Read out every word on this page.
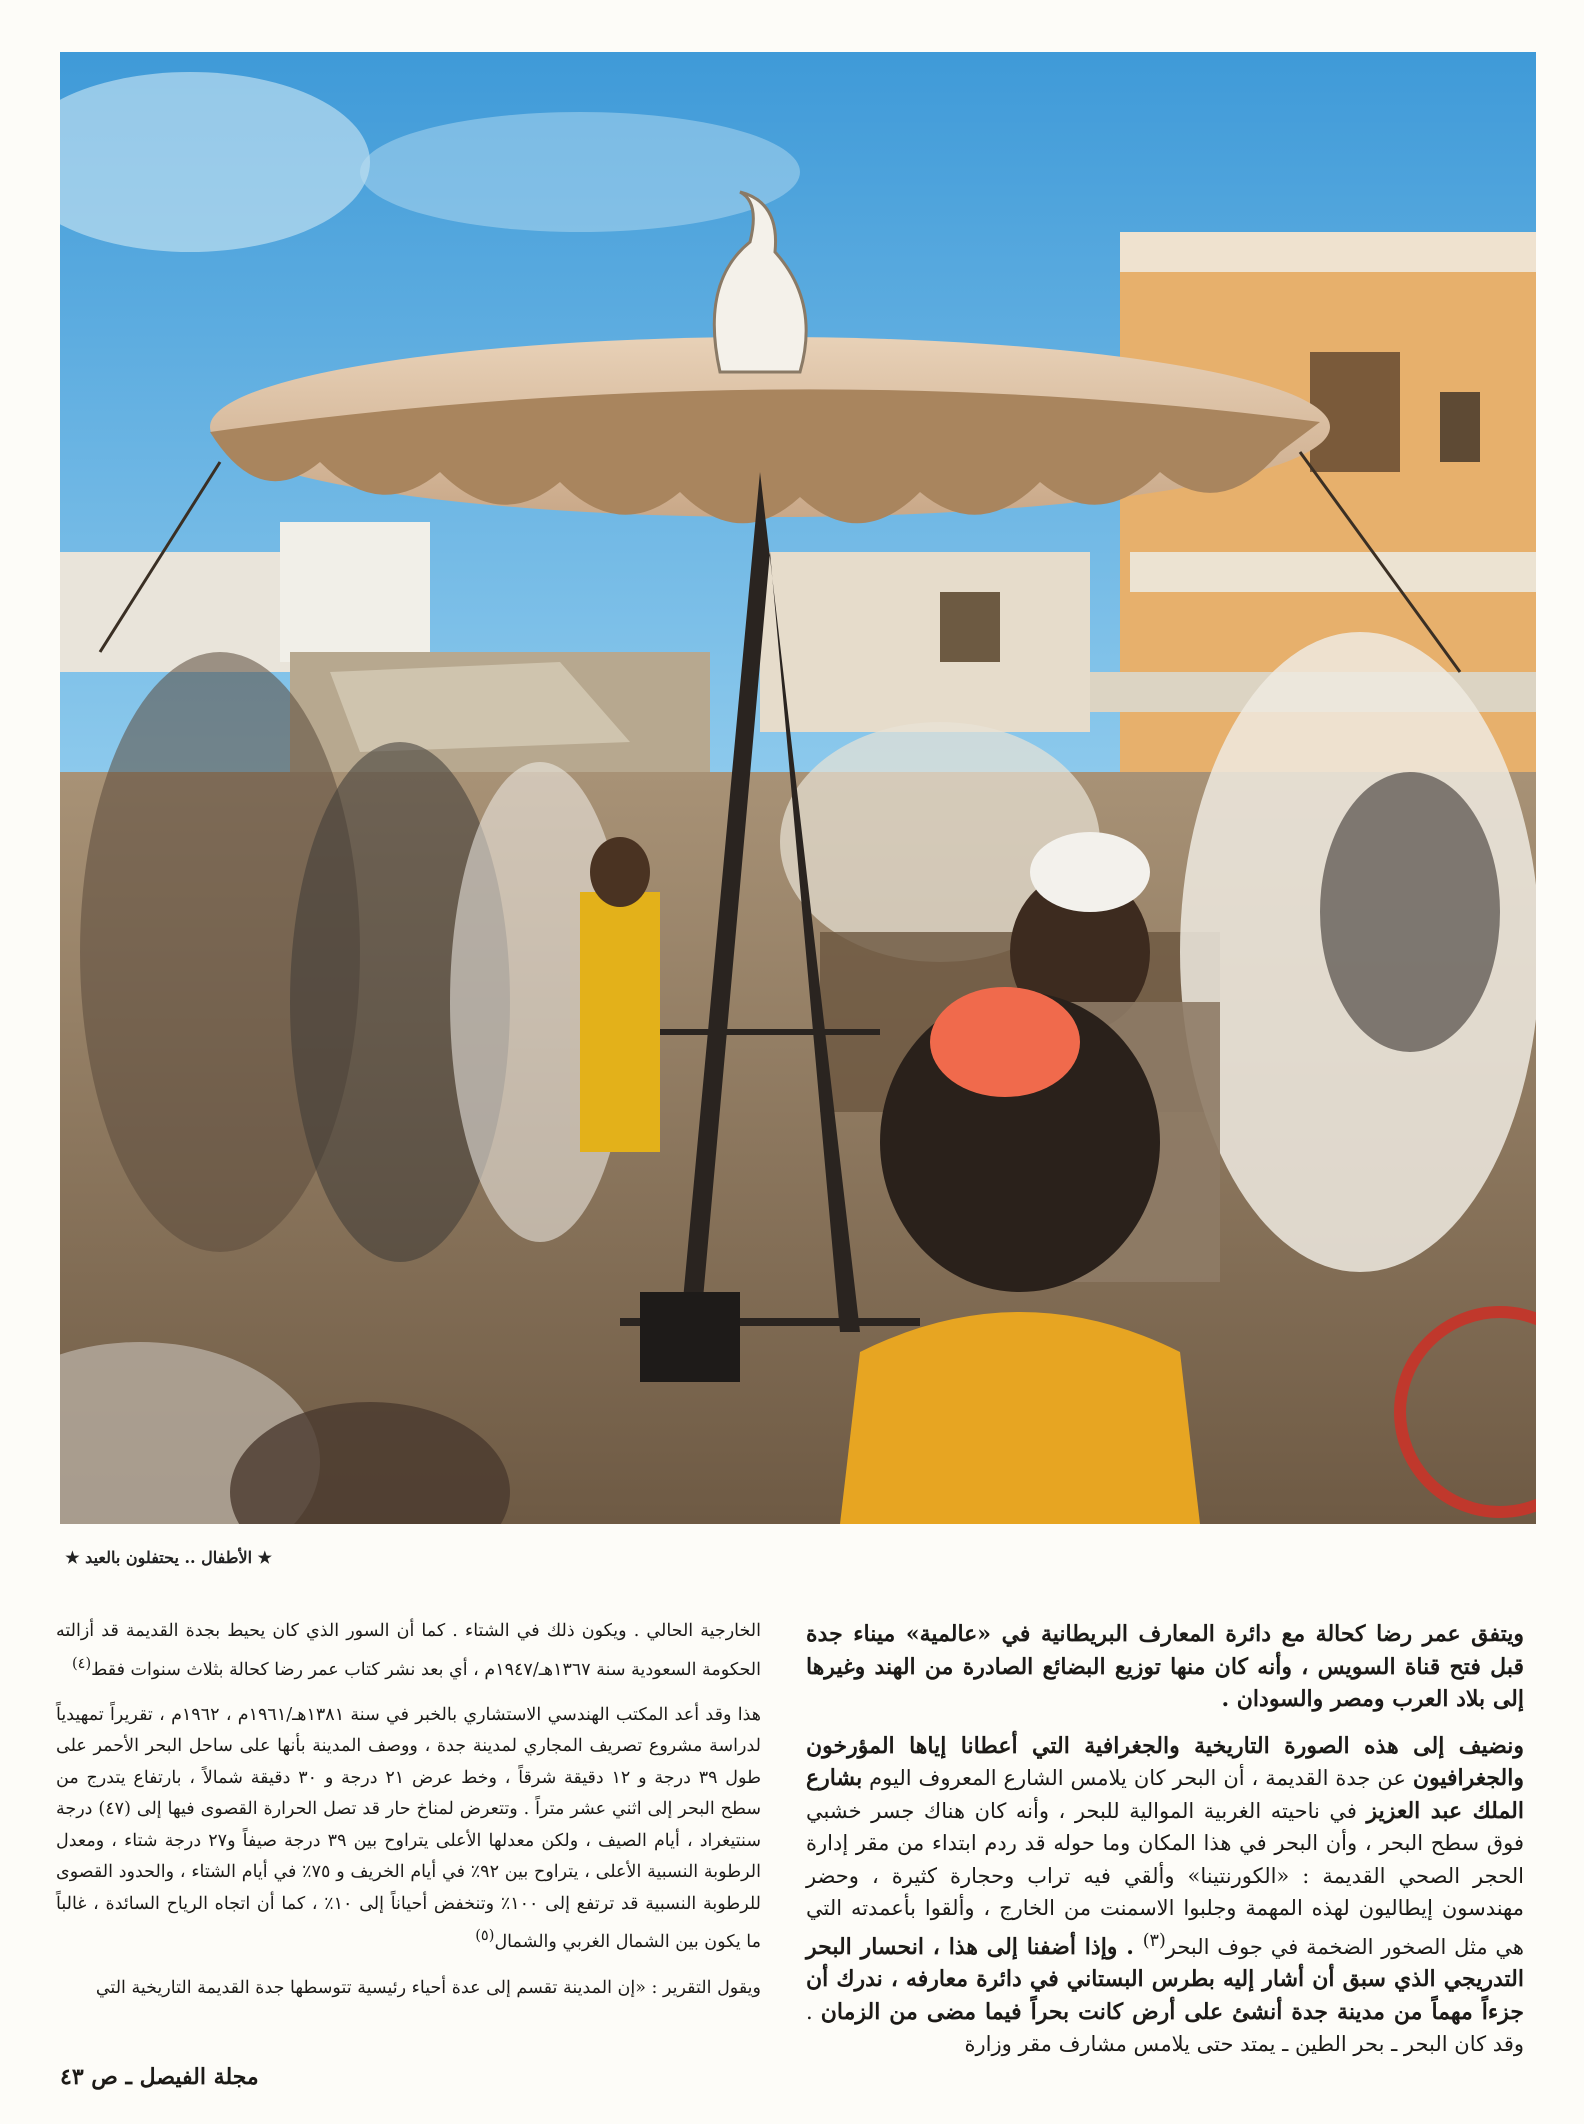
★ الأطفال .. يحتفلون بالعيد ★

ويتفق عمر رضا كحالة مع دائرة المعارف البريطانية في «عالمية» ميناء جدة قبل فتح قناة السويس ، وأنه كان منها توزيع البضائع الصادرة من الهند وغيرها إلى بلاد العرب ومصر والسودان .

ونضيف إلى هذه الصورة التاريخية والجغرافية التي أعطانا إياها المؤرخون والجغرافيون عن جدة القديمة ، أن البحر كان يلامس الشارع المعروف اليوم بشارع الملك عبد العزيز في ناحيته الغربية الموالية للبحر ، وأنه كان هناك جسر خشبي فوق سطح البحر ، وأن البحر في هذا المكان وما حوله قد ردم ابتداء من مقر إدارة الحجر الصحي القديمة : «الكورنتينا» وألقي فيه تراب وحجارة كثيرة ، وحضر مهندسون إيطاليون لهذه المهمة وجلبوا الاسمنت من الخارج ، وألقوا بأعمدته التي هي مثل الصخور الضخمة في جوف البحر$^{(٣)}$ . وإذا أضفنا إلى هذا ، انحسار البحر التدريجي الذي سبق أن أشار إليه بطرس البستاني في دائرة معارفه ، ندرك أن جزءاً مهماً من مدينة جدة أنشئ على أرض كانت بحراً فيما مضى من الزمان . وقد كان البحر ـ بحر الطين ـ يمتد حتى يلامس مشارف مقر وزارة

الخارجية الحالي . ويكون ذلك في الشتاء . كما أن السور الذي كان يحيط بجدة القديمة قد أزالته الحكومة السعودية سنة ١٣٦٧هـ/١٩٤٧م ، أي بعد نشر كتاب عمر رضا كحالة بثلاث سنوات فقط$^{(٤)}$

هذا وقد أعد المكتب الهندسي الاستشاري بالخبر في سنة ١٣٨١هـ/١٩٦١م ، ١٩٦٢م ، تقريراً تمهيدياً لدراسة مشروع تصريف المجاري لمدينة جدة ، ووصف المدينة بأنها على ساحل البحر الأحمر على طول ٣٩ درجة و ١٢ دقيقة شرقاً ، وخط عرض ٢١ درجة و ٣٠ دقيقة شمالاً ، بارتفاع يتدرج من سطح البحر إلى اثني عشر متراً . وتتعرض لمناخ حار قد تصل الحرارة القصوى فيها إلى (٤٧) درجة سنتيغراد ، أيام الصيف ، ولكن معدلها الأعلى يتراوح بين ٣٩ درجة صيفاً و٢٧ درجة شتاء ، ومعدل الرطوبة النسبية الأعلى ، يتراوح بين ٩٢٪ في أيام الخريف و ٧٥٪ في أيام الشتاء ، والحدود القصوى للرطوبة النسبية قد ترتفع إلى ١٠٠٪ وتنخفض أحياناً إلى ١٠٪ ، كما أن اتجاه الرياح السائدة ، غالباً ما يكون بين الشمال الغربي والشمال$^{(٥)}$

ويقول التقرير : «إن المدينة تقسم إلى عدة أحياء رئيسية تتوسطها جدة القديمة التاريخية التي

مجلة الفيصل ـ ص ٤٣
